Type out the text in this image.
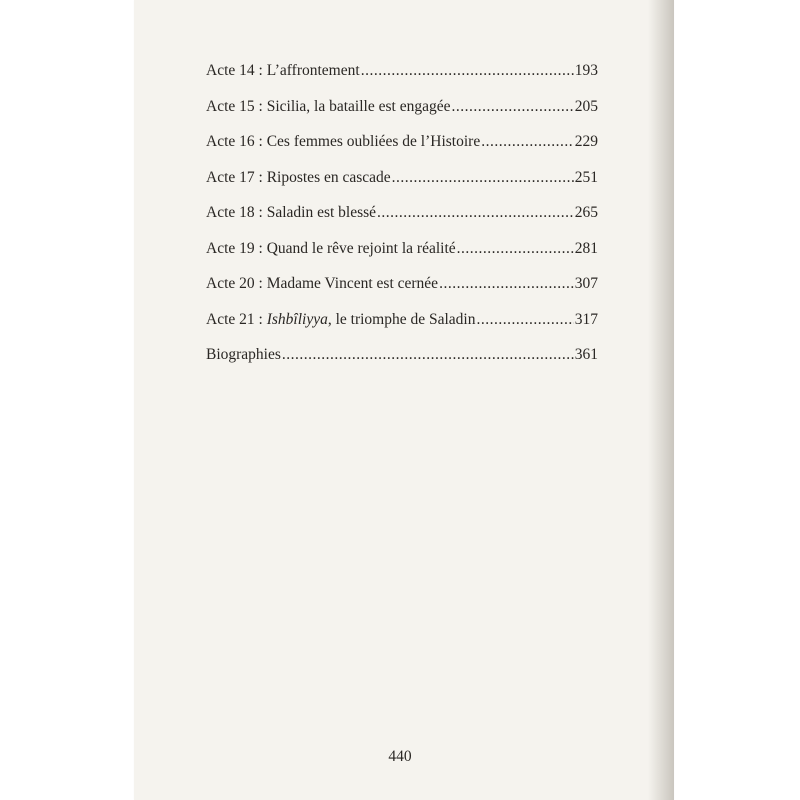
Acte 14 : L’affrontement .....	193
Acte 15 : Sicilia, la bataille est engagée .....	205
Acte 16 : Ces femmes oubliées de l’Histoire .....	229
Acte 17 : Ripostes en cascade .....	251
Acte 18 : Saladin est blessé .....	265
Acte 19 : Quand le rêve rejoint la réalité .....	281
Acte 20 : Madame Vincent est cernée .....	307
Acte 21 : Ishbîliyya, le triomphe de Saladin .....	317
Biographies .....	361
440
